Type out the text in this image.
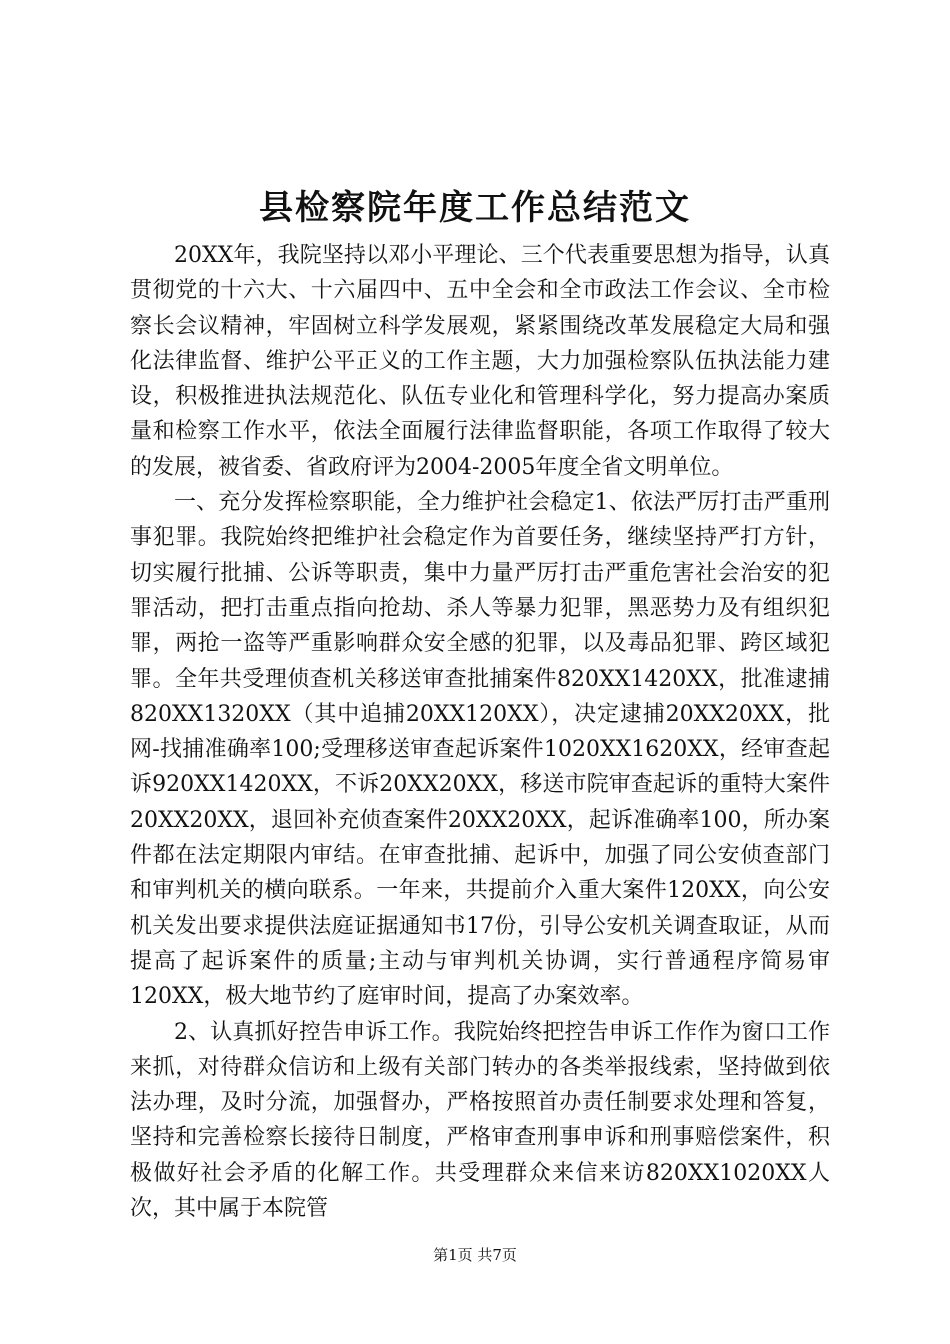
县检察院年度工作总结范文

20XX年，我院坚持以邓小平理论、三个代表重要思想为指导，认真贯彻党的十六大、十六届四中、五中全会和全市政法工作会议、全市检察长会议精神，牢固树立科学发展观，紧紧围绕改革发展稳定大局和强化法律监督、维护公平正义的工作主题，大力加强检察队伍执法能力建设，积极推进执法规范化、队伍专业化和管理科学化，努力提高办案质量和检察工作水平，依法全面履行法律监督职能，各项工作取得了较大的发展，被省委、省政府评为2004-2005年度全省文明单位。

一、充分发挥检察职能，全力维护社会稳定1、依法严厉打击严重刑事犯罪。我院始终把维护社会稳定作为首要任务，继续坚持严打方针，切实履行批捕、公诉等职责，集中力量严厉打击严重危害社会治安的犯罪活动，把打击重点指向抢劫、杀人等暴力犯罪，黑恶势力及有组织犯罪，两抢一盗等严重影响群众安全感的犯罪，以及毒品犯罪、跨区域犯罪。全年共受理侦查机关移送审查批捕案件820XX1420XX，批准逮捕820XX1320XX（其中追捕20XX120XX），决定逮捕20XX20XX，批网-找捕准确率100;受理移送审查起诉案件1020XX1620XX，经审查起诉920XX1420XX，不诉20XX20XX，移送市院审查起诉的重特大案件20XX20XX，退回补充侦查案件20XX20XX，起诉准确率100，所办案件都在法定期限内审结。在审查批捕、起诉中，加强了同公安侦查部门和审判机关的横向联系。一年来，共提前介入重大案件120XX，向公安机关发出要求提供法庭证据通知书17份，引导公安机关调查取证，从而提高了起诉案件的质量;主动与审判机关协调，实行普通程序简易审120XX，极大地节约了庭审时间，提高了办案效率。

2、认真抓好控告申诉工作。我院始终把控告申诉工作作为窗口工作来抓，对待群众信访和上级有关部门转办的各类举报线索，坚持做到依法办理，及时分流，加强督办，严格按照首办责任制要求处理和答复，坚持和完善检察长接待日制度，严格审查刑事申诉和刑事赔偿案件，积极做好社会矛盾的化解工作。共受理群众来信来访820XX1020XX人次，其中属于本院管

第1页 共7页
